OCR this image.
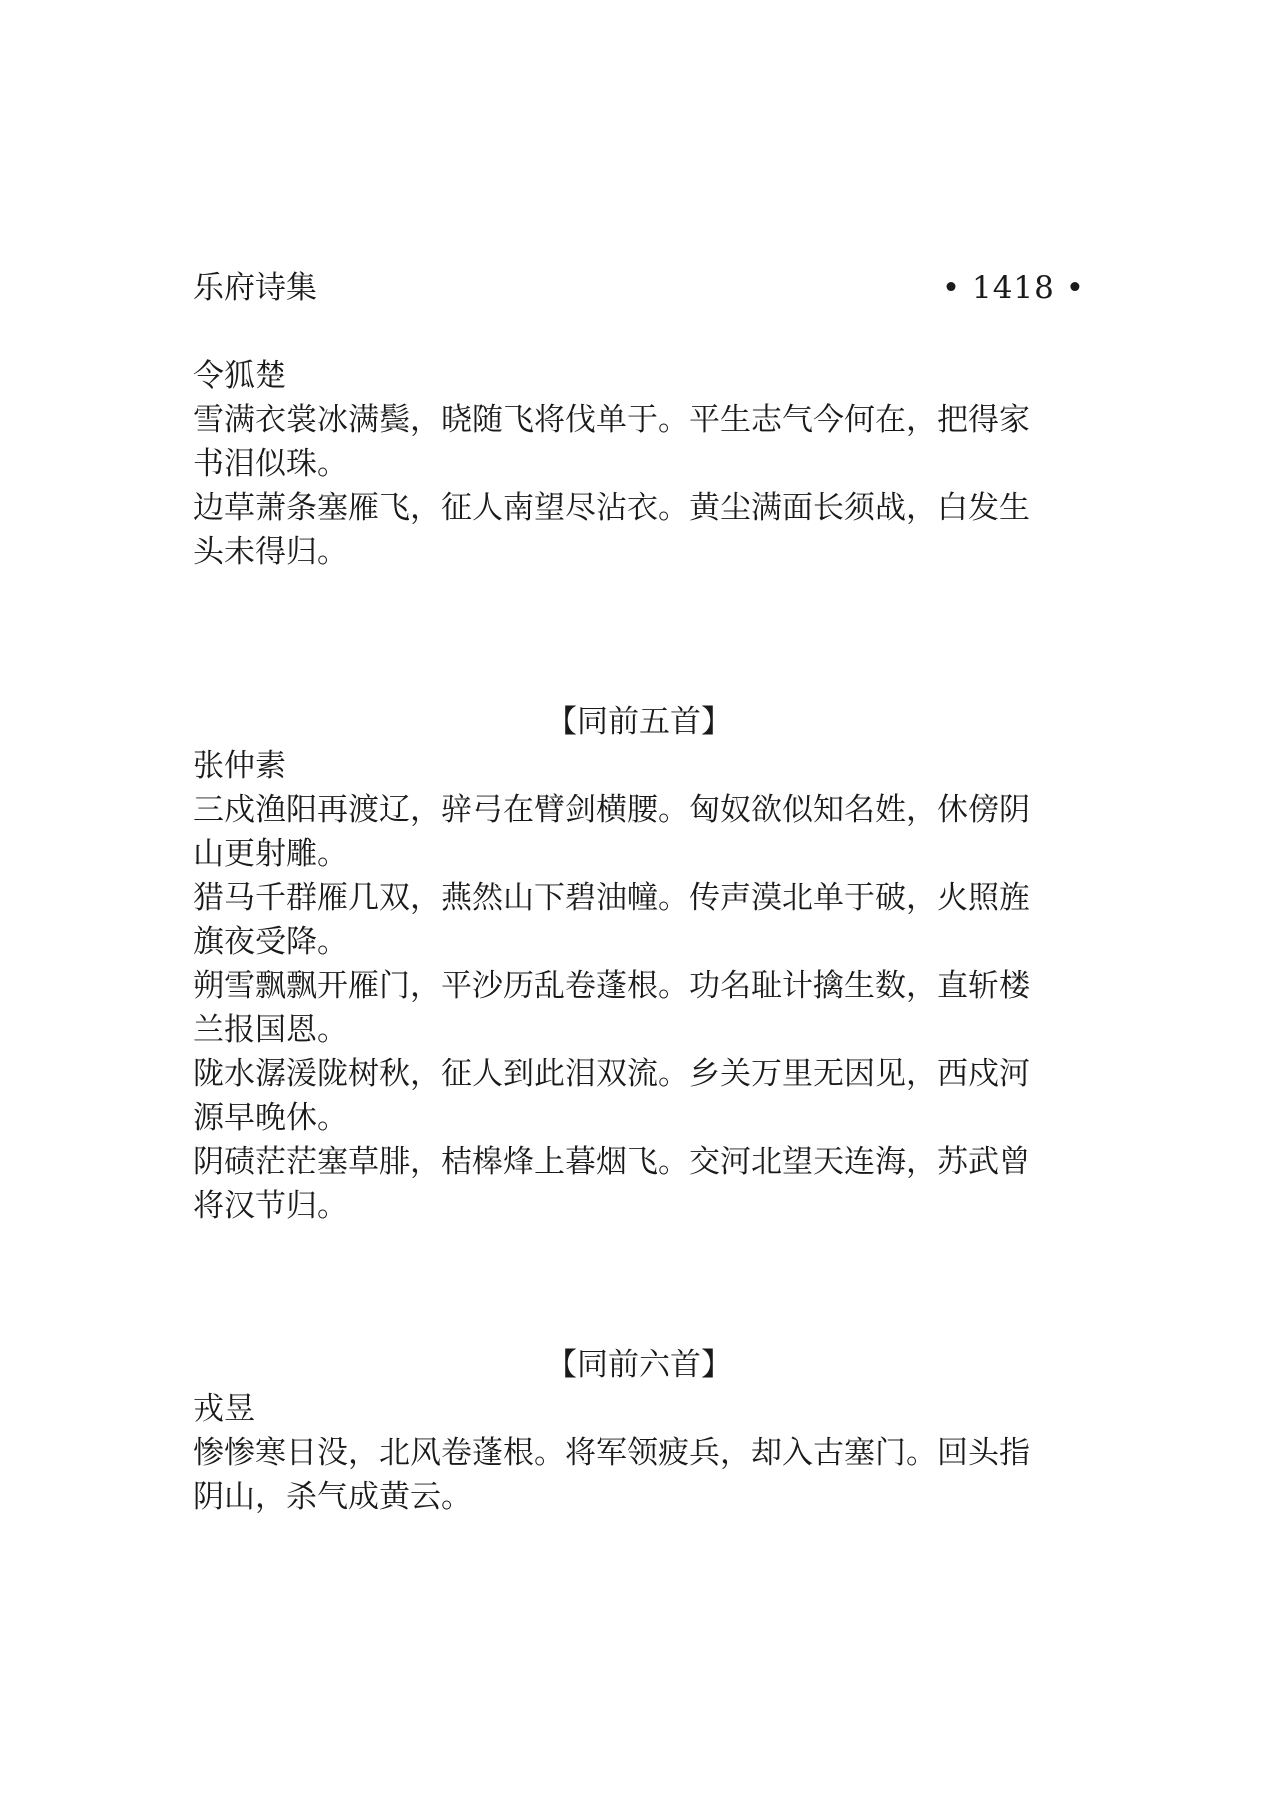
乐府诗集	• 1418 •
令狐楚
雪满衣裳冰满鬓，晓随飞将伐单于。平生志气今何在，把得家
书泪似珠。
边草萧条塞雁飞，征人南望尽沾衣。黄尘满面长须战，白发生
头未得归。
【同前五首】
张仲素
三戍渔阳再渡辽，骍弓在臂剑横腰。匈奴欲似知名姓，休傍阴
山更射雕。
猎马千群雁几双，燕然山下碧油幢。传声漠北单于破，火照旌
旗夜受降。
朔雪飘飘开雁门，平沙历乱卷蓬根。功名耻计擒生数，直斩楼
兰报国恩。
陇水潺湲陇树秋，征人到此泪双流。乡关万里无因见，西戍河
源早晚休。
阴碛茫茫塞草腓，桔槔烽上暮烟飞。交河北望天连海，苏武曾
将汉节归。
【同前六首】
戎昱
惨惨寒日没，北风卷蓬根。将军领疲兵，却入古塞门。回头指
阴山，杀气成黄云。
